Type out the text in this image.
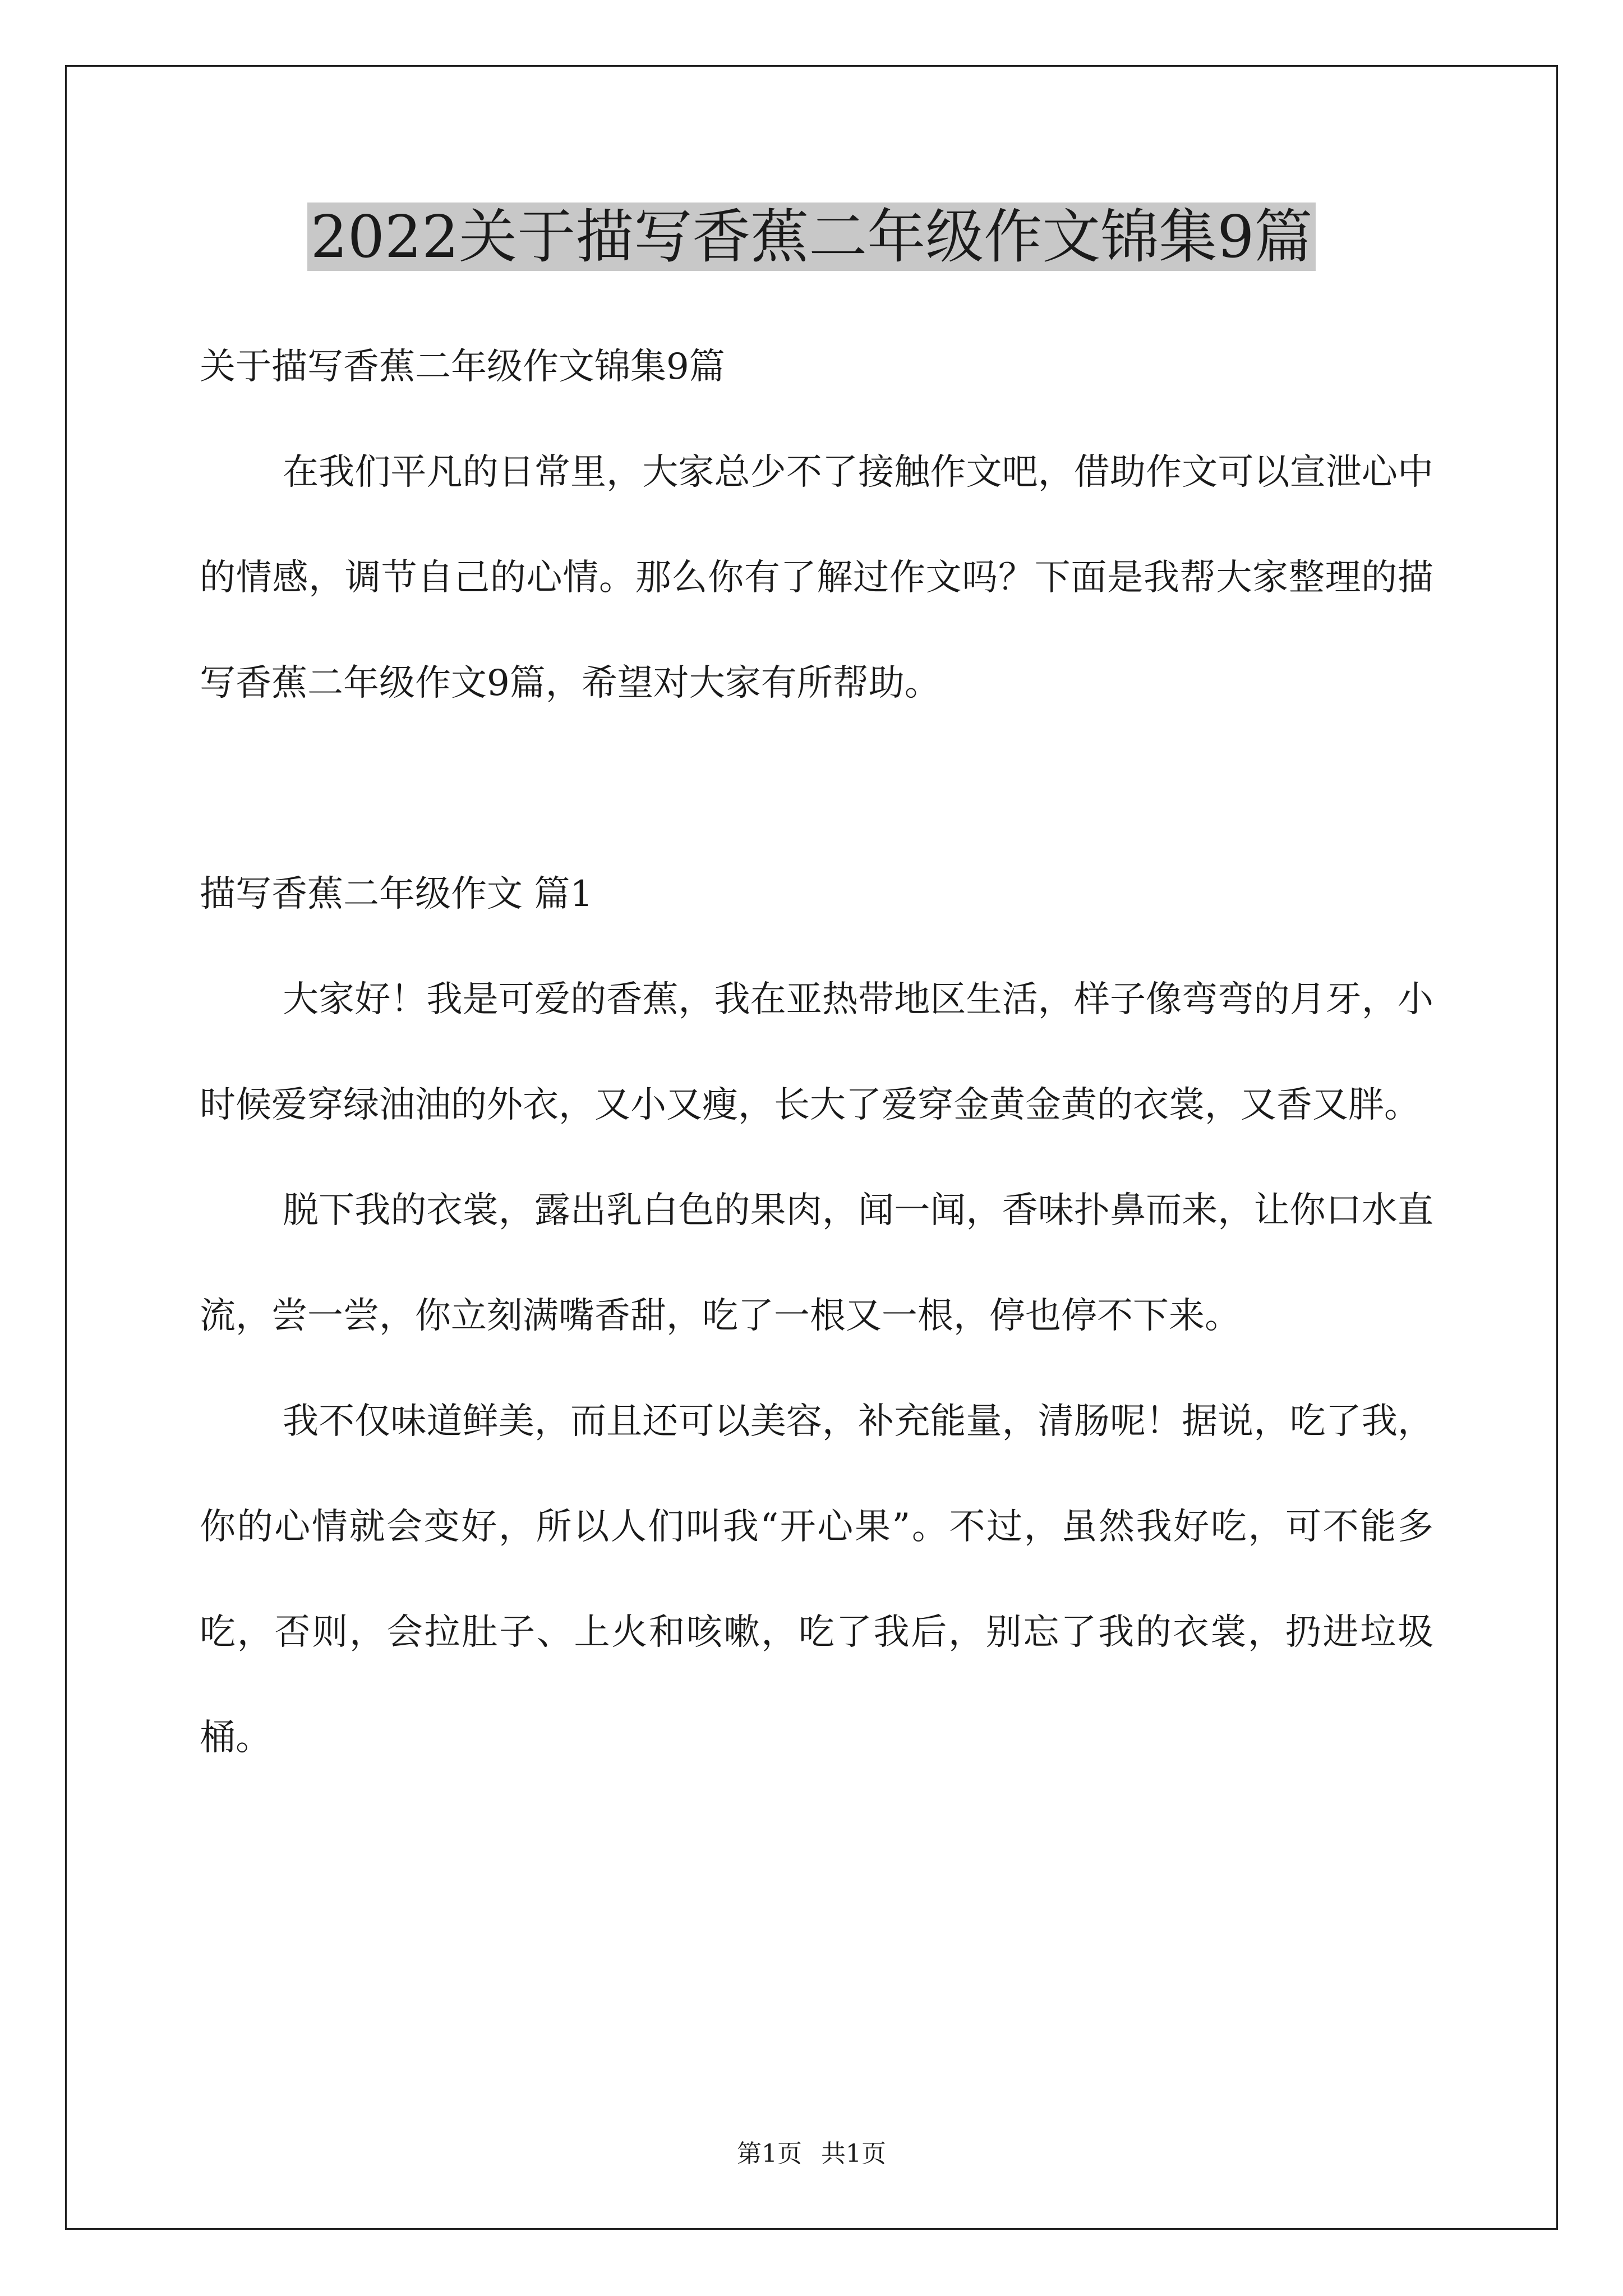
2022关于描写香蕉二年级作文锦集9篇

关于描写香蕉二年级作文锦集9篇

在我们平凡的日常里，大家总少不了接触作文吧，借助作文可以宣泄心中的情感，调节自己的心情。那么你有了解过作文吗？下面是我帮大家整理的描写香蕉二年级作文9篇，希望对大家有所帮助。

描写香蕉二年级作文 篇1

大家好！我是可爱的香蕉，我在亚热带地区生活，样子像弯弯的月牙，小时候爱穿绿油油的外衣，又小又瘦，长大了爱穿金黄金黄的衣裳，又香又胖。

脱下我的衣裳，露出乳白色的果肉，闻一闻，香味扑鼻而来，让你口水直流，尝一尝，你立刻满嘴香甜，吃了一根又一根，停也停不下来。

我不仅味道鲜美，而且还可以美容，补充能量，清肠呢！据说，吃了我，你的心情就会变好，所以人们叫我“开心果”。不过，虽然我好吃，可不能多吃，否则，会拉肚子、上火和咳嗽，吃了我后，别忘了我的衣裳，扔进垃圾桶。

第1页 共1页
